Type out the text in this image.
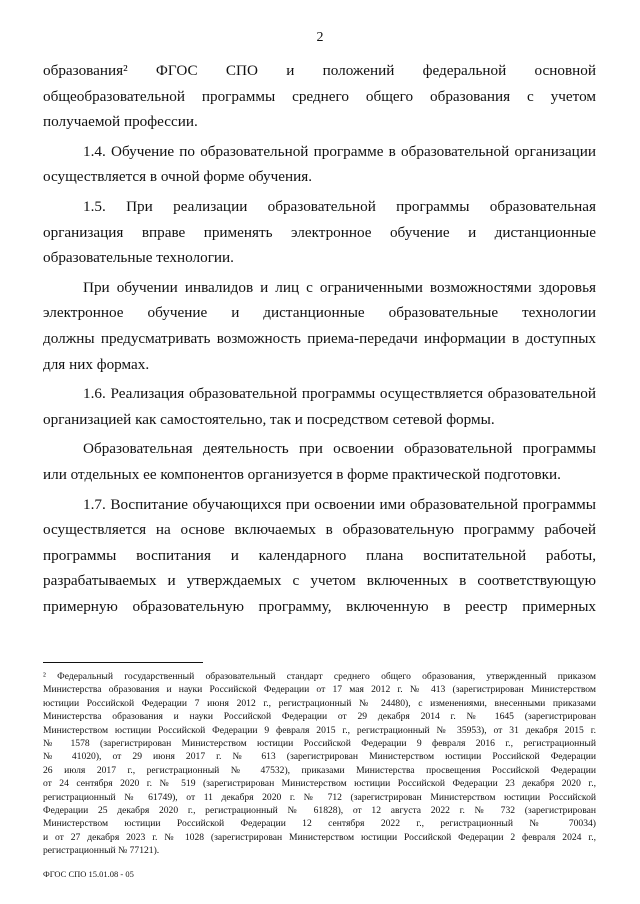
2

образования² ФГОС СПО и положений федеральной основной
общеобразовательной программы среднего общего образования с учетом
получаемой профессии.

1.4. Обучение по образовательной программе в образовательной организации
осуществляется в очной форме обучения.

1.5. При реализации образовательной программы образовательная
организация вправе применять электронное обучение и дистанционные
образовательные технологии.

При обучении инвалидов и лиц с ограниченными возможностями здоровья
электронное обучение и дистанционные образовательные технологии
должны предусматривать возможность приема-передачи информации в доступных
для них формах.

1.6. Реализация образовательной программы осуществляется образовательной
организацией как самостоятельно, так и посредством сетевой формы.

Образовательная деятельность при освоении образовательной программы
или отдельных ее компонентов организуется в форме практической подготовки.

1.7. Воспитание обучающихся при освоении ими образовательной программы
осуществляется на основе включаемых в образовательную программу рабочей
программы воспитания и календарного плана воспитательной работы,
разрабатываемых и утверждаемых с учетом включенных в соответствующую
примерную образовательную программу, включенную в реестр примерных

² Федеральный государственный образовательный стандарт среднего общего образования, утвержденный приказом
Министерства образования и науки Российской Федерации от 17 мая 2012 г. № 413 (зарегистрирован Министерством
юстиции Российской Федерации 7 июня 2012 г., регистрационный № 24480), с изменениями, внесенными приказами
Министерства образования и науки Российской Федерации от 29 декабря 2014 г. № 1645 (зарегистрирован
Министерством юстиции Российской Федерации 9 февраля 2015 г., регистрационный № 35953), от 31 декабря 2015 г.
№ 1578 (зарегистрирован Министерством юстиции Российской Федерации 9 февраля 2016 г., регистрационный
№ 41020), от 29 июня 2017 г. № 613 (зарегистрирован Министерством юстиции Российской Федерации
26 июля 2017 г., регистрационный № 47532), приказами Министерства просвещения Российской Федерации
от 24 сентября 2020 г. № 519 (зарегистрирован Министерством юстиции Российской Федерации 23 декабря 2020 г.,
регистрационный № 61749), от 11 декабря 2020 г. № 712 (зарегистрирован Министерством юстиции Российской
Федерации 25 декабря 2020 г., регистрационный № 61828), от 12 августа 2022 г. № 732 (зарегистрирован
Министерством юстиции Российской Федерации 12 сентября 2022 г., регистрационный № 70034)
и от 27 декабря 2023 г. № 1028 (зарегистрирован Министерством юстиции Российской Федерации 2 февраля 2024 г.,
регистрационный № 77121).
ФГОС СПО 15.01.08 - 05
